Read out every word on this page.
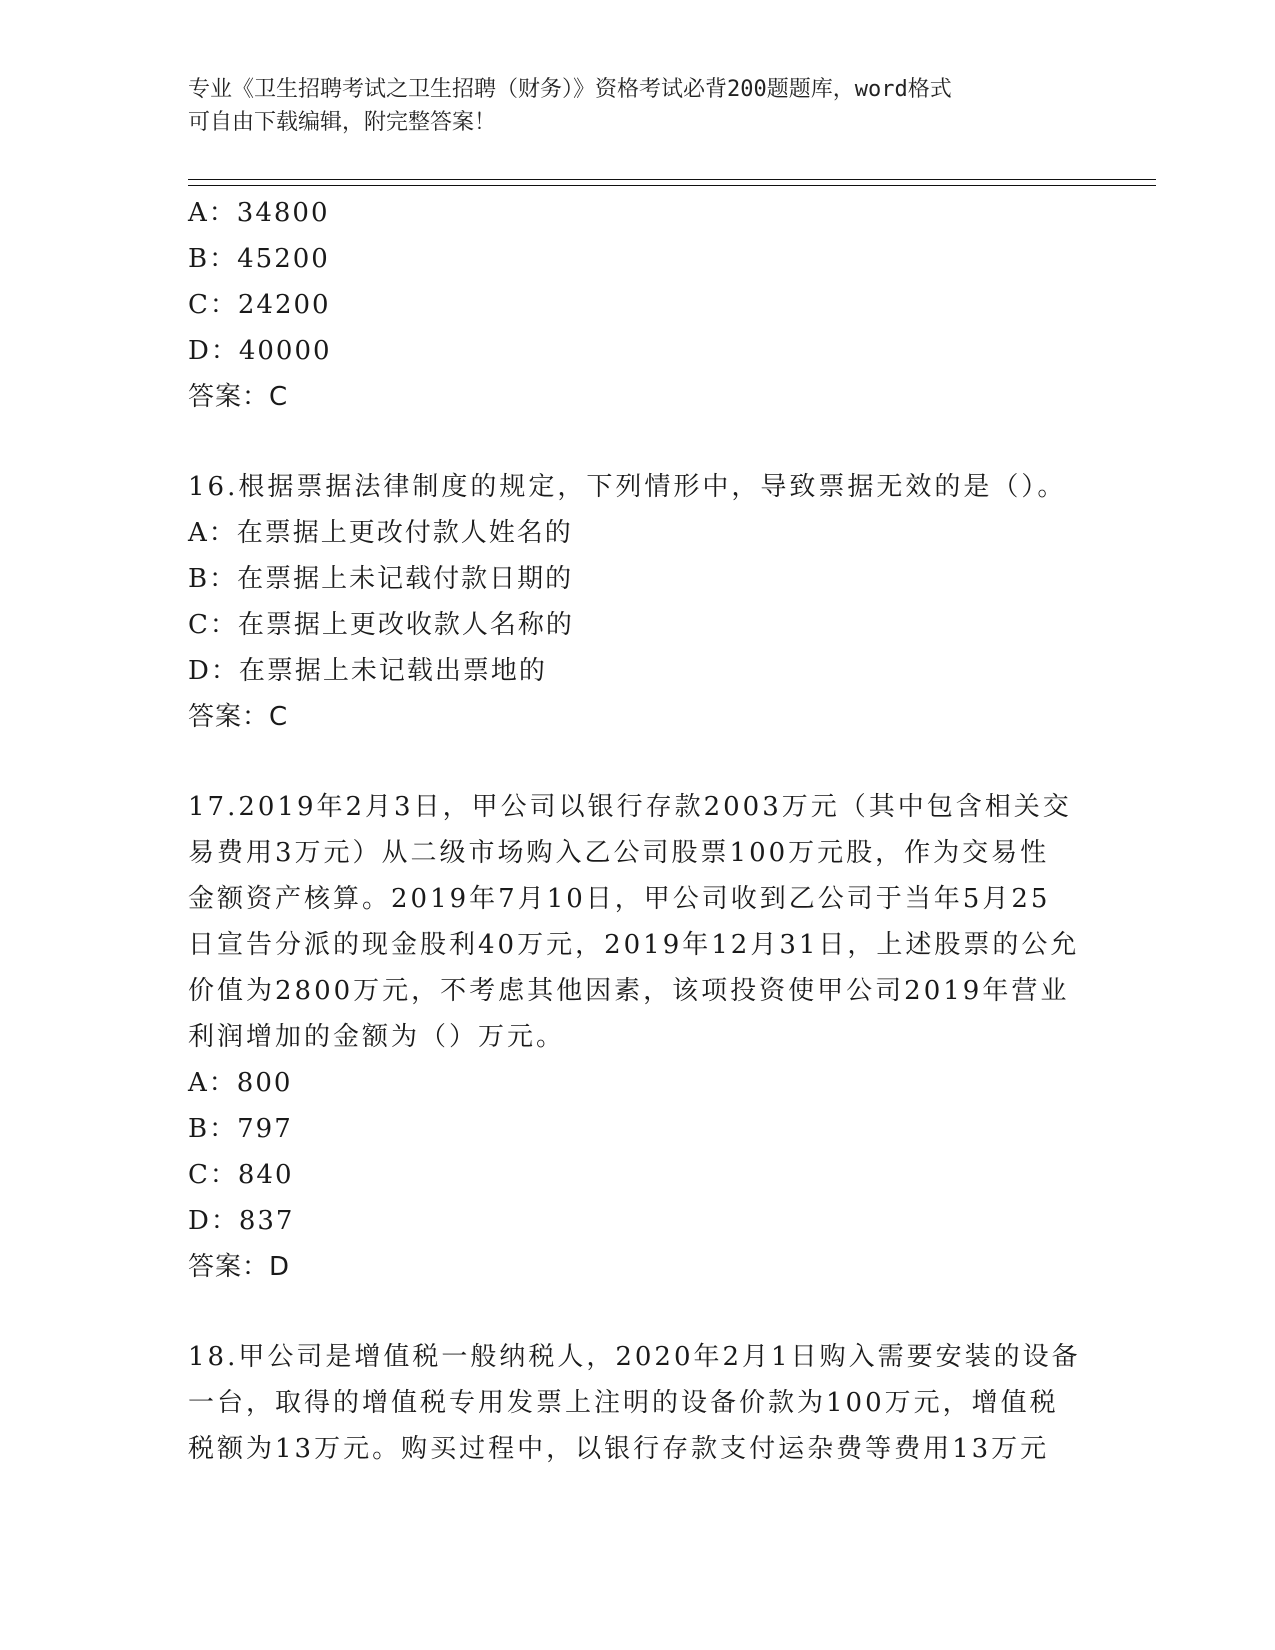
专业《卫生招聘考试之卫生招聘（财务）》资格考试必背200题题库，word格式
可自由下载编辑，附完整答案！
A：34800
B：45200
C：24200
D：40000
答案：C
16.根据票据法律制度的规定，下列情形中，导致票据无效的是（）。
A：在票据上更改付款人姓名的
B：在票据上未记载付款日期的
C：在票据上更改收款人名称的
D：在票据上未记载出票地的
答案：C
17.2019年2月3日，甲公司以银行存款2003万元（其中包含相关交
易费用3万元）从二级市场购入乙公司股票100万元股，作为交易性
金额资产核算。2019年7月10日，甲公司收到乙公司于当年5月25
日宣告分派的现金股利40万元，2019年12月31日，上述股票的公允
价值为2800万元，不考虑其他因素，该项投资使甲公司2019年营业
利润增加的金额为（）万元。
A：800
B：797
C：840
D：837
答案：D
18.甲公司是增值税一般纳税人，2020年2月1日购入需要安装的设备
一台，取得的增值税专用发票上注明的设备价款为100万元，增值税
税额为13万元。购买过程中，以银行存款支付运杂费等费用13万元
